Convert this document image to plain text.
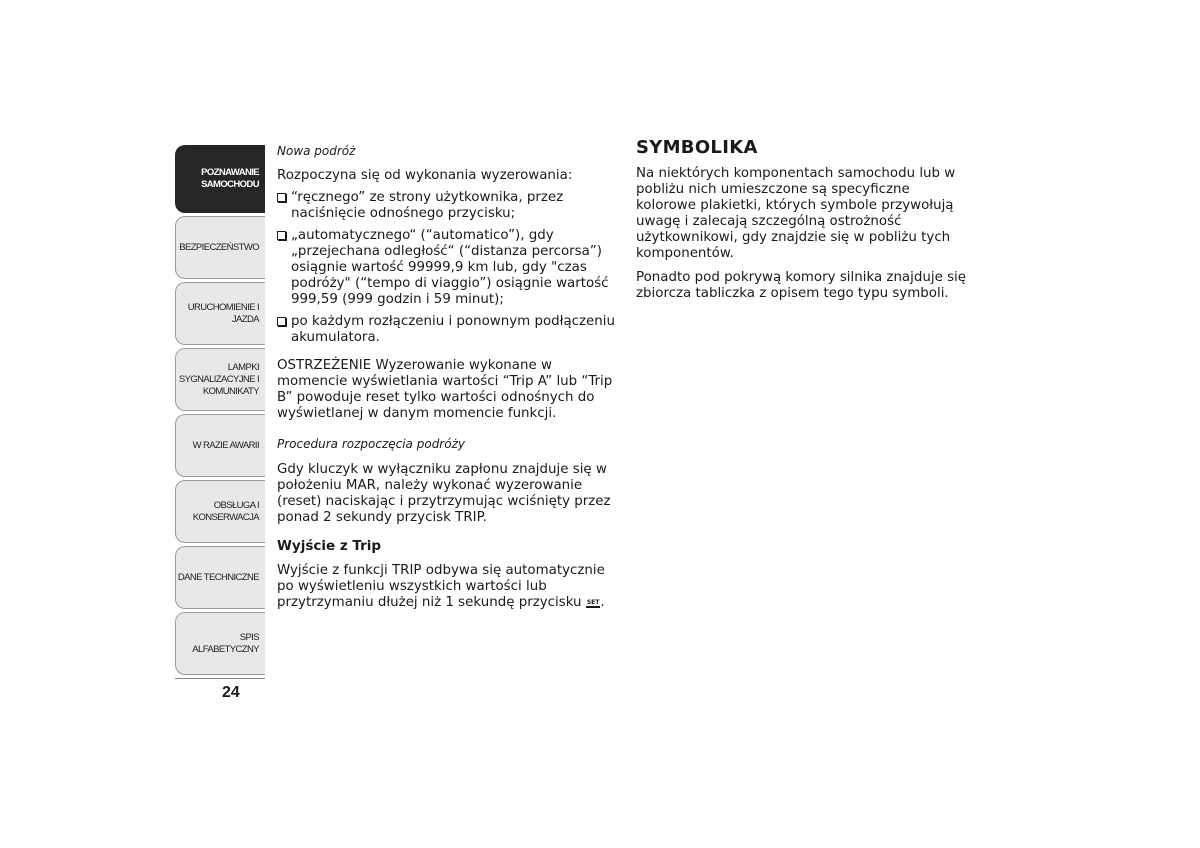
POZNAWANIE
SAMOCHODU
BEZPIECZEŃSTWO
URUCHOMIENIE I
JAZDA
LAMPKI
SYGNALIZACYJNE I
KOMUNIKATY
W RAZIE AWARII
OBSŁUGA I
KONSERWACJA
DANE TECHNICZNE
SPIS ALFABETYCZNY
24

Nowa podróż

Rozpoczyna się od wykonania wyzerowania:

“ręcznego” ze strony użytkownika, przez naciśnięcie odnośnego przycisku;
„automatycznego“ (“automatico”), gdy „przejechana odległość“ (“distanza percorsa”) osiągnie wartość 99999,9 km lub, gdy "czas podróży" (“tempo di viaggio”) osiągnie wartość 999,59 (999 godzin i 59 minut);
po każdym rozłączeniu i ponownym podłączeniu akumulatora.

OSTRZEŻENIE Wyzerowanie wykonane w momencie wyświetlania wartości “Trip A” lub “Trip B” powoduje reset tylko wartości odnośnych do wyświetlanej w danym momencie funkcji.

Procedura rozpoczęcia podróży

Gdy kluczyk w wyłączniku zapłonu znajduje się w położeniu MAR, należy wykonać wyzerowanie (reset) naciskając i przytrzymując wciśnięty przez ponad 2 sekundy przycisk TRIP.

Wyjście z Trip

Wyjście z funkcji TRIP odbywa się automatycznie po wyświetleniu wszystkich wartości lub przytrzymaniu dłużej niż 1 sekundę przycisku SET.

SYMBOLIKA

Na niektórych komponentach samochodu lub w pobliżu nich umieszczone są specyficzne kolorowe plakietki, których symbole przywołują uwagę i zalecają szczególną ostrożność użytkownikowi, gdy znajdzie się w pobliżu tych komponentów.

Ponadto pod pokrywą komory silnika znajduje się zbiorcza tabliczka z opisem tego typu symboli.
